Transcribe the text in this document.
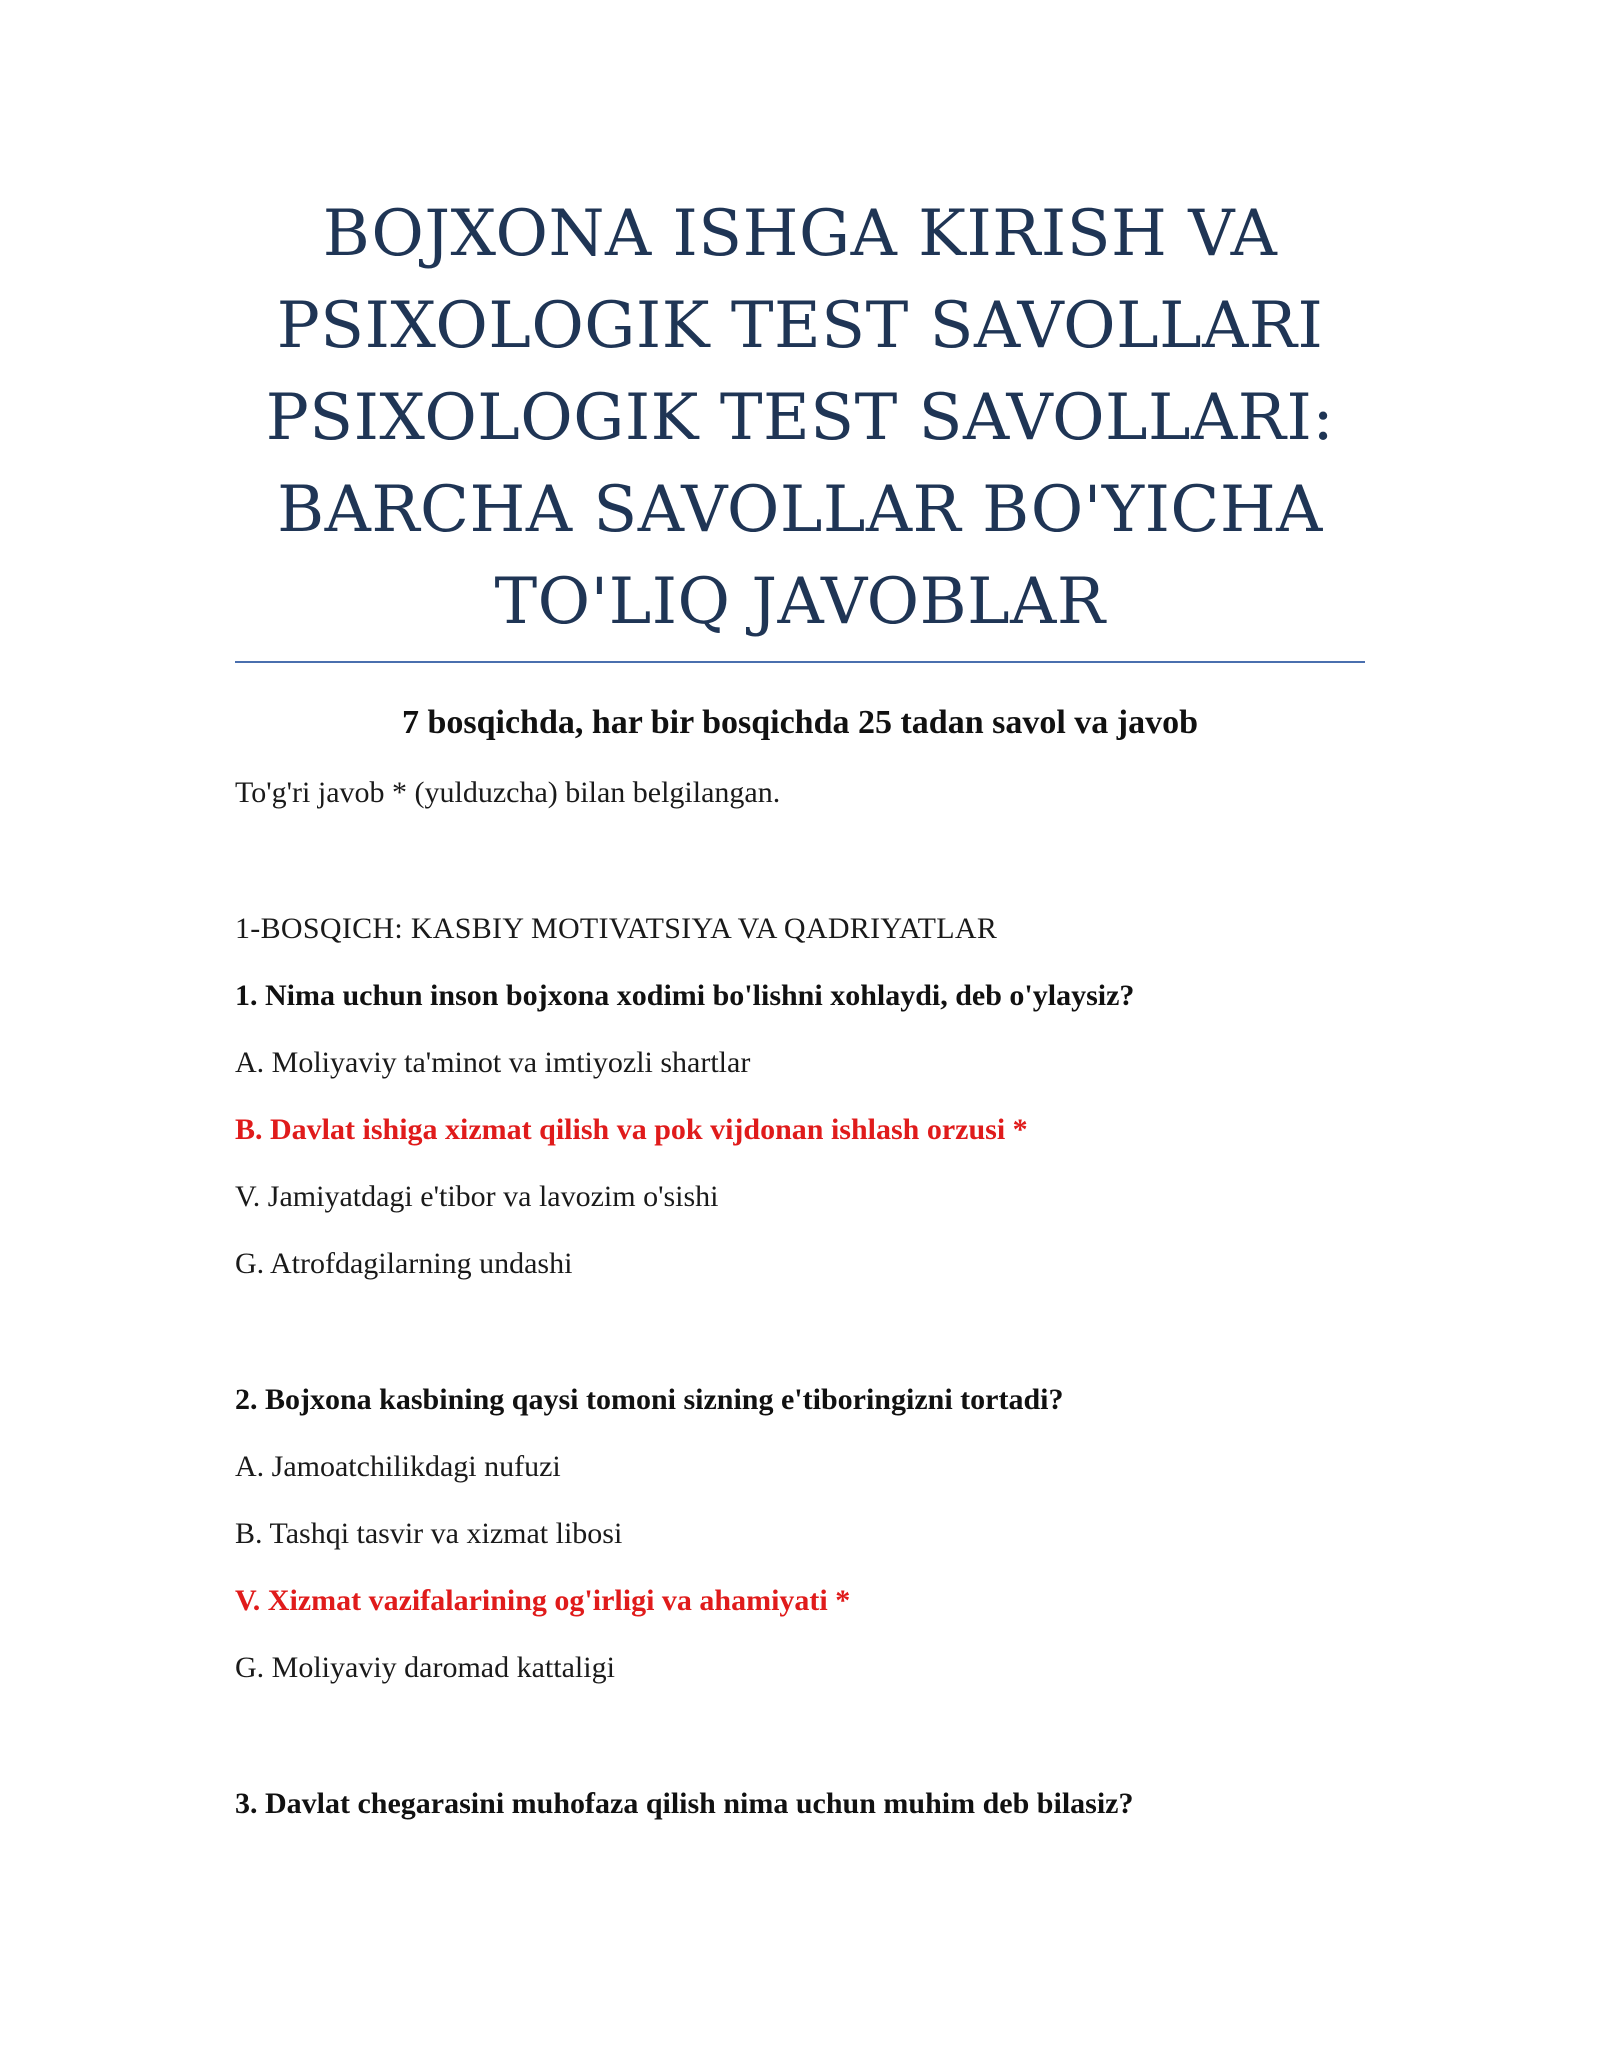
BOJXONA ISHGA KIRISH VA
PSIXOLOGIK TEST SAVOLLARI
PSIXOLOGIK TEST SAVOLLARI:
BARCHA SAVOLLAR BO'YICHA
TO'LIQ JAVOBLAR
7 bosqichda, har bir bosqichda 25 tadan savol va javob
To'g'ri javob * (yulduzcha) bilan belgilangan.
1-BOSQICH: KASBIY MOTIVATSIYA VA QADRIYATLAR
1. Nima uchun inson bojxona xodimi bo'lishni xohlaydi, deb o'ylaysiz?
A. Moliyaviy ta'minot va imtiyozli shartlar
B. Davlat ishiga xizmat qilish va pok vijdonan ishlash orzusi *
V. Jamiyatdagi e'tibor va lavozim o'sishi
G. Atrofdagilarning undashi
2. Bojxona kasbining qaysi tomoni sizning e'tiboringizni tortadi?
A. Jamoatchilikdagi nufuzi
B. Tashqi tasvir va xizmat libosi
V. Xizmat vazifalarining og'irligi va ahamiyati *
G. Moliyaviy daromad kattaligi
3. Davlat chegarasini muhofaza qilish nima uchun muhim deb bilasiz?
